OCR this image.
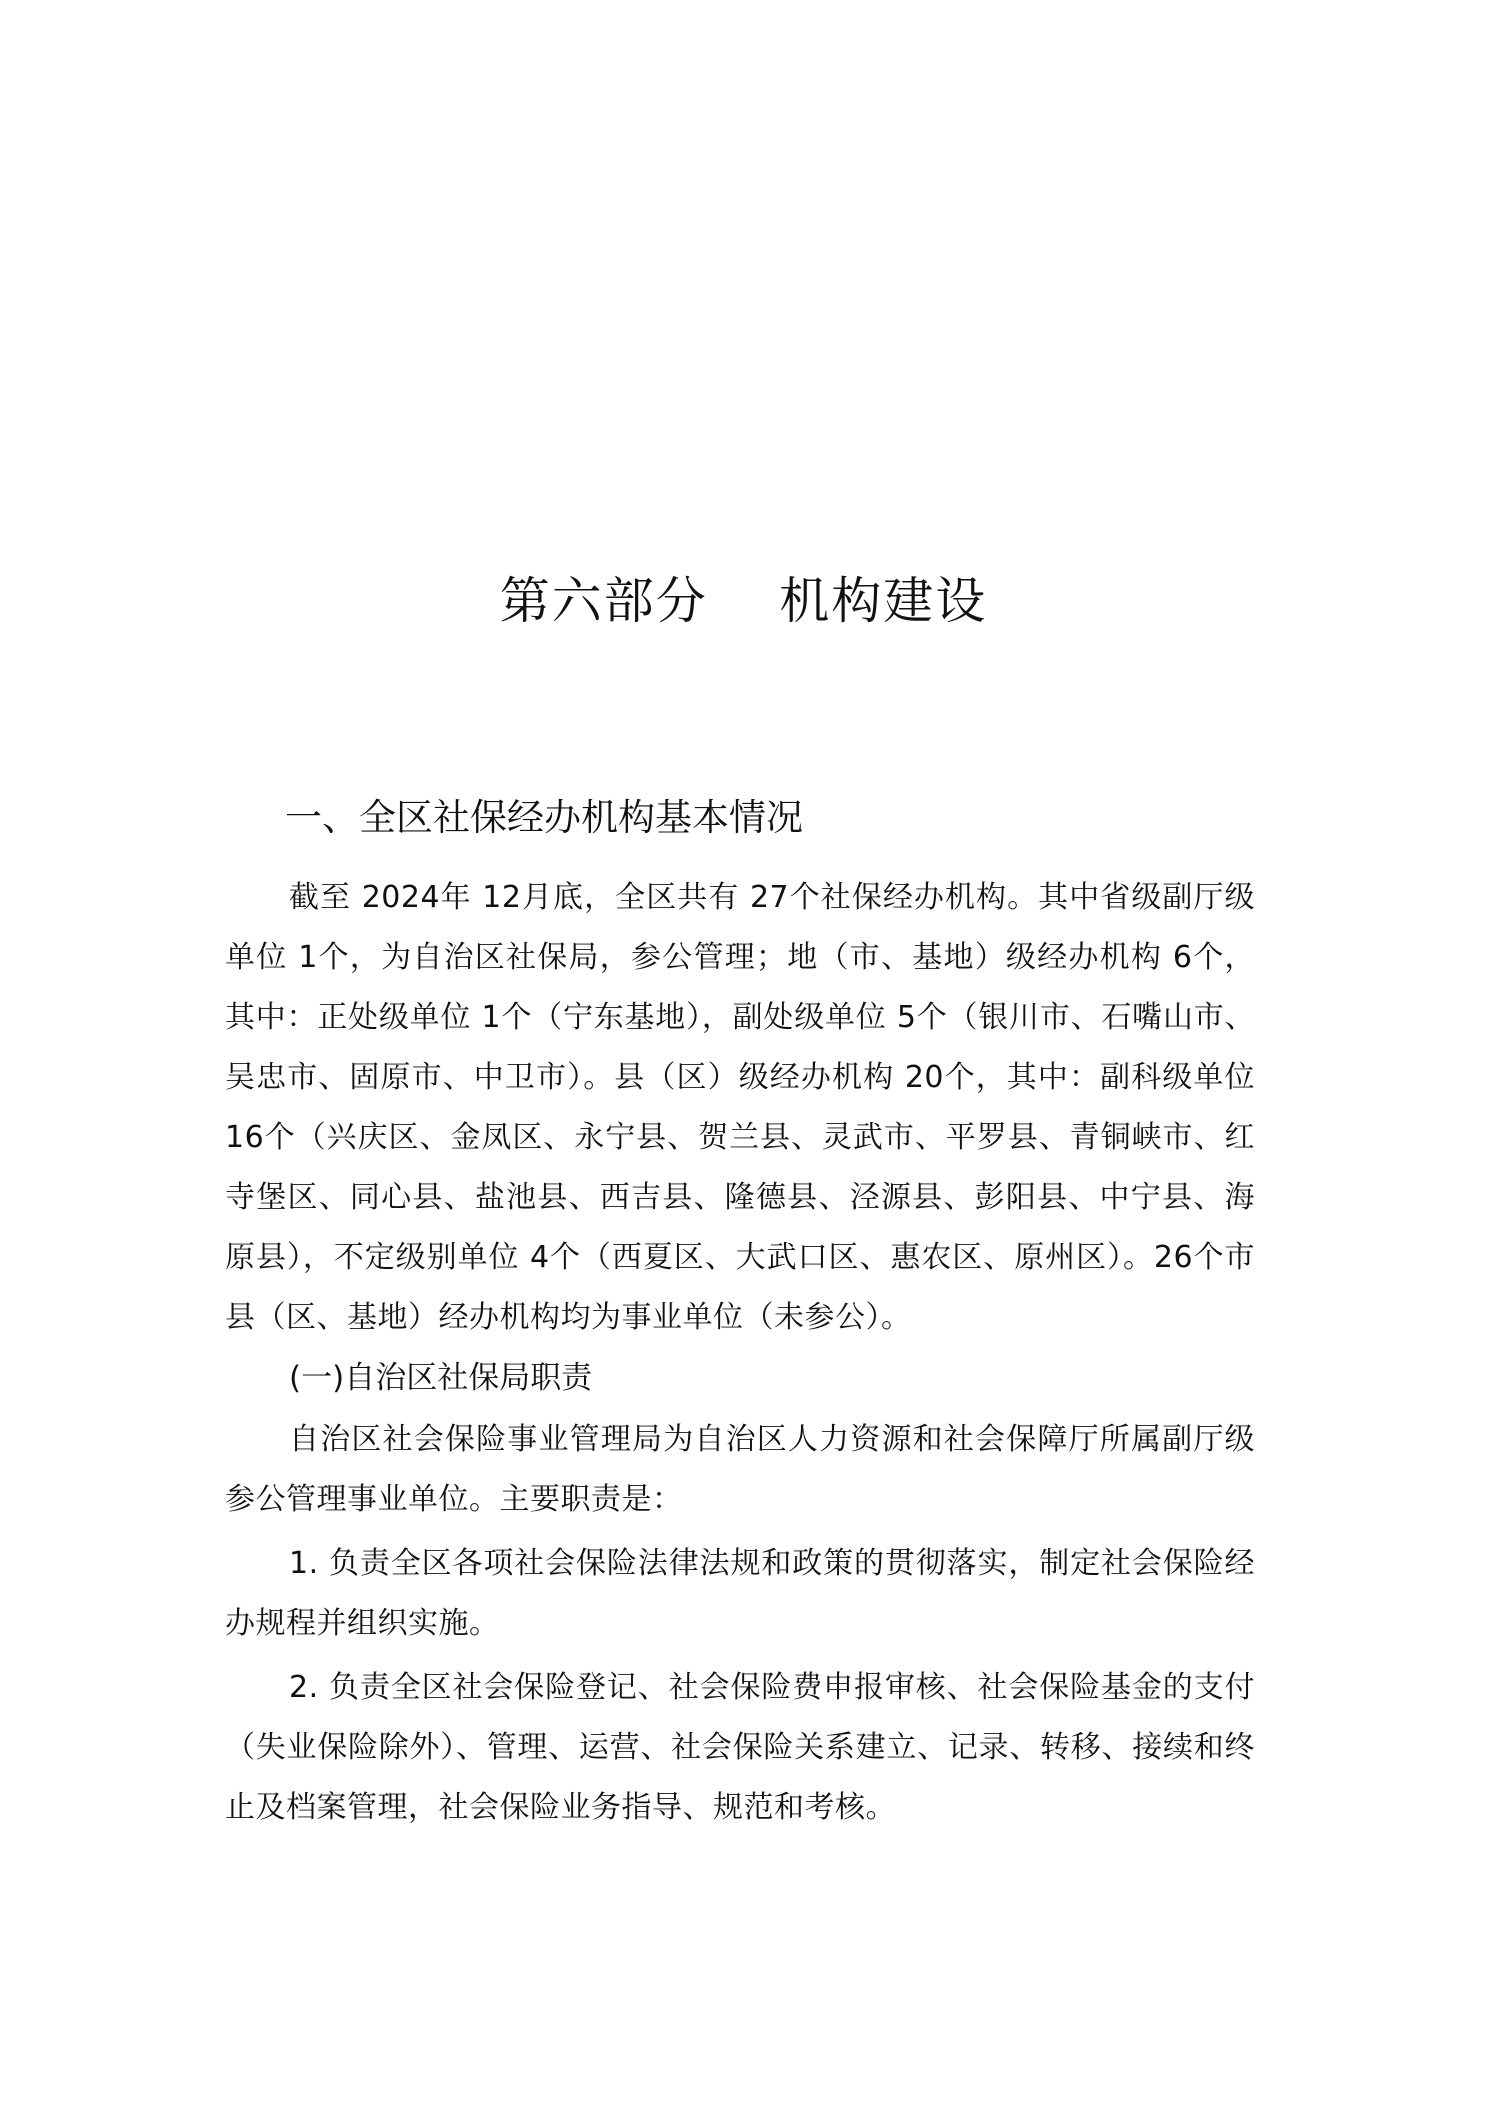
第六部分    机构建设
一、全区社保经办机构基本情况

截至 2024年 12月底，全区共有 27个社保经办机构。其中省级副厅级单位 1个，为自治区社保局，参公管理；地（市、基地）级经办机构 6个，其中：正处级单位 1个（宁东基地），副处级单位 5个（银川市、石嘴山市、吴忠市、固原市、中卫市）。县（区）级经办机构 20个，其中：副科级单位 16个（兴庆区、金凤区、永宁县、贺兰县、灵武市、平罗县、青铜峡市、红寺堡区、同心县、盐池县、西吉县、隆德县、泾源县、彭阳县、中宁县、海原县），不定级别单位 4个（西夏区、大武口区、惠农区、原州区）。26个市县（区、基地）经办机构均为事业单位（未参公）。

(一)自治区社保局职责

自治区社会保险事业管理局为自治区人力资源和社会保障厅所属副厅级参公管理事业单位。主要职责是：

1. 负责全区各项社会保险法律法规和政策的贯彻落实，制定社会保险经办规程并组织实施。

2. 负责全区社会保险登记、社会保险费申报审核、社会保险基金的支付（失业保险除外）、管理、运营、社会保险关系建立、记录、转移、接续和终止及档案管理，社会保险业务指导、规范和考核。
